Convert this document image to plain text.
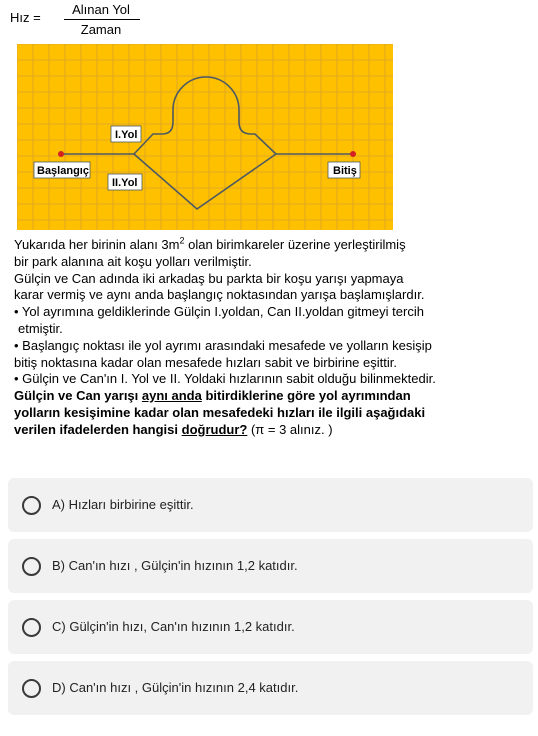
Hız =
Alınan Yol
Zaman
I.Yol
II.Yol
Başlangıç	Bitiş

Yukarıda her birinin alanı $3m^2$ olan birimkareler üzerine yerleştirilmiş

bir park alanına ait koşu yolları verilmiştir.

Gülçin ve Can adında iki arkadaş bu parkta bir koşu yarışı yapmaya

karar vermiş ve aynı anda başlangıç noktasından yarışa başlamışlardır.

• Yol ayrımına geldiklerinde Gülçin I.yoldan, Can II.yoldan gitmeyi tercih

etmiştir.

• Başlangıç noktası ile yol ayrımı arasındaki mesafede ve yolların kesişip

bitiş noktasına kadar olan mesafede hızları sabit ve birbirine eşittir.

• Gülçin ve Can'ın I. Yol ve II. Yoldaki hızlarının sabit olduğu bilinmektedir.

Gülçin ve Can yarışı aynı anda bitirdiklerine göre yol ayrımından

yolların kesişimine kadar olan mesafedeki hızları ile ilgili aşağıdaki

verilen ifadelerden hangisi doğrudur? (π = 3 alınız. )

A) Hızları birbirine eşittir.
B) Can'ın hızı , Gülçin'in hızının 1,2 katıdır.
C) Gülçin'in hızı, Can'ın hızının 1,2 katıdır.
D) Can'ın hızı , Gülçin'in hızının 2,4 katıdır.
